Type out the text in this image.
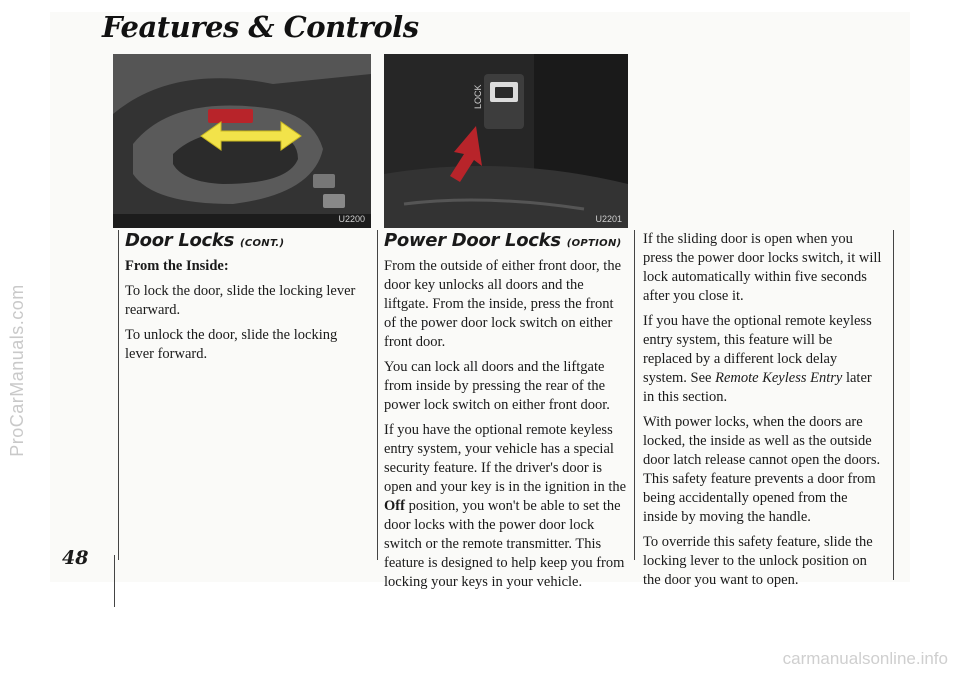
ProCarManuals.com
Features & Controls
U2200
LOCK
U2201
Door Locks (CONT.)

From the Inside:

To lock the door, slide the locking lever rearward.

To unlock the door, slide the locking lever forward.

Power Door Locks (OPTION)

From the outside of either front door, the door key unlocks all doors and the liftgate. From the inside, press the front of the power door lock switch on either front door.

You can lock all doors and the liftgate from inside by pressing the rear of the power lock switch on either front door.

If you have the optional remote keyless entry system, your vehicle has a special security feature. If the driver's door is open and your key is in the ignition in the Off position, you won't be able to set the door locks with the power door lock switch or the remote transmitter. This feature is designed to help keep you from locking your keys in your vehicle.

If the sliding door is open when you press the power door locks switch, it will lock automatically within five seconds after you close it.

If you have the optional remote keyless entry system, this feature will be replaced by a different lock delay system. See Remote Keyless Entry later in this section.

With power locks, when the doors are locked, the inside as well as the outside door latch release cannot open the doors. This safety feature prevents a door from being accidentally opened from the inside by moving the handle.

To override this safety feature, slide the locking lever to the unlock position on the door you want to open.

48
carmanualsonline.info
